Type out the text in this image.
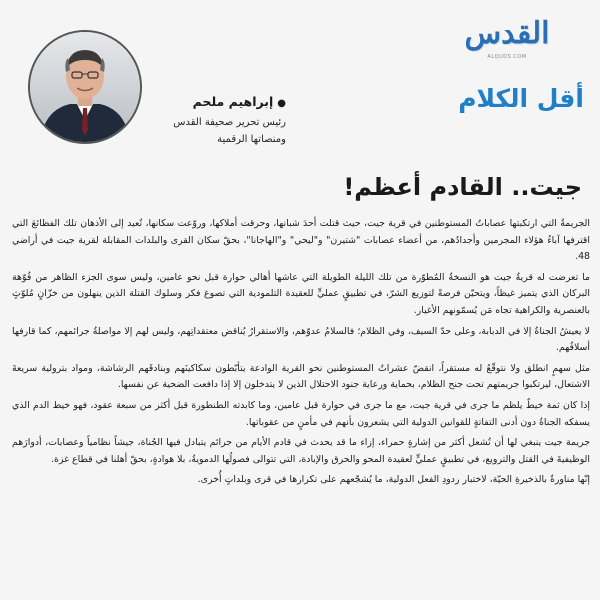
القدس
ALQUDS.COM
أقل الكلام
●إبراهيم ملحم
رئيس تحرير صحيفة القدس
ومنصاتها الرقمية
جيت.. القادم أعظم!

الجريمةُ التي ارتكبتها عصاباتُ المستوطنين في قرية جيت، حيث قتلت أحدَ شبانها، وحرقت أملاكها، وروّعت سكانها، تُعيد إلى الأذهان تلك الفظائعَ التي اقترفها آباءُ هؤلاء المجرمين وأجدادُهم، من أعضاء عصابات "شتيرن" و"ليحي" و"الهاجانا"، بحقّ سكان القرى والبلدات المقابلة لقرية جيت في أراضي 48.

ما تعرضت له قريةُ جيت هو النسخةُ المُطوّرة من تلك الليلة الطويلة التي عاشها أهالي حوارة قبل نحو عامين، وليس سوى الجزء الظاهر من فُوّهة البركان الذي يتميز غيظاً، ويتحيّن فرصةً لتوزيع الشرّ، في تطبيقٍ عمليٍّ للعقيدة التلمودية التي تصوغ فكر وسلوك القتلة الذين ينهلون من خزّانٍ مُلوّثٍ بالعنصرية والكراهية تجاه مَن يُسمّونهم الأغيار.

لا يعيشُ الجناةُ إلا في الدبابة، وعلى حدّ السيف، وفي الظلام؛ فالسلامُ عدوّهم، والاستقرارُ يُناقض معتقداتِهم، وليس لهم إلا مواصلةُ جرائمهم، كما قارفها أسلافُهم.

مثل سهمٍ انطلق ولا نتوقّعُ له مستقراً، انقضّ عشراتُ المستوطنين نحو القرية الوادعة يتأبّطون سكاكينَهم وبنادقَهم الرشاشة، ومواد بترولية سريعةَ الاشتعال، ليرتكبوا جريمتهم تحت جنح الظلام، بحماية ورعاية جنود الاحتلال الذين لا يتدخلون إلا إذا دافعت الضحية عن نفسها.

إذا كان ثمة خيطٌ يلظم ما جرى في قرية جيت، مع ما جرى في حوارة قبل عامين، وما كابدته الطنطورة قبل أكثر من سبعة عقود، فهو خيط الدم الذي يسفكه الجناةُ دون أدنى التفاتةٍ للقوانين الدولية التي يشعرون بأنهم في مأمنٍ من عقوباتها.

جريمة جيت ينبغي لها أن تُشعل أكثر من إشارةٍ حمراء، إزاء ما قد يحدث في قادم الأيام من جرائم يتبادل فيها الجُناة، جيشاً نظامياً وعصابات، أدوارَهم الوظيفيةَ في القتل والترويع، في تطبيقٍ عمليٍّ لعقيدة المحو والحرق والإبادة، التي تتوالى فصولُها الدمويةُ، بلا هوادةٍ، بحقّ أهلنا في قطاع غزة.

إنّها مناورةٌ بالذخيرةِ الحيّة، لاختبار ردودِ الفعل الدولية، ما يُشجّعهم على تكرارها في قرى وبلداتٍ أُخرى.
